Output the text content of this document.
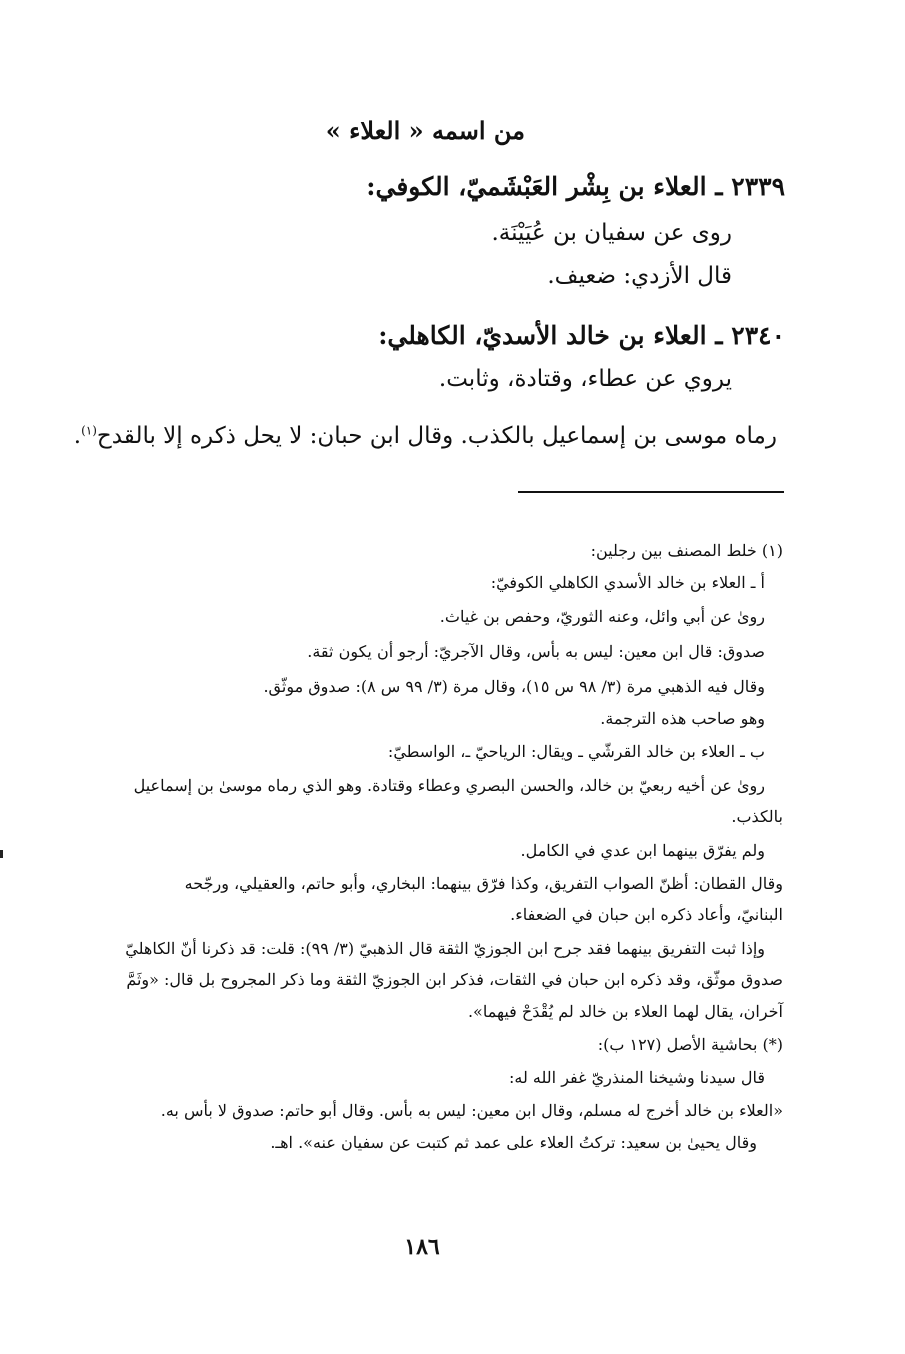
من اسمه « العلاء »
٢٣٣٩ ـ العلاء بن بِشْر العَبْشَميّ، الكوفي:
روى عن سفيان بن عُيَيْنَة.
قال الأزدي: ضعيف.
٢٣٤٠ ـ العلاء بن خالد الأسديّ، الكاهلي:
يروي عن عطاء، وقتادة، وثابت.
رماه موسى بن إسماعيل بالكذب. وقال ابن حبان: لا يحل ذكره إلا بالقدح$^{(١)}$.
(١) خلط المصنف بين رجلين:
أ ـ العلاء بن خالد الأسدي الكاهلي الكوفيّ:
روىٰ عن أبي وائل، وعنه الثوريّ، وحفص بن غياث.
صدوق: قال ابن معين: ليس به بأس، وقال الآجريّ: أرجو أن يكون ثقة.
وقال فيه الذهبي مرة (٣/ ٩٨ س ١٥)، وقال مرة (٣/ ٩٩ س ٨): صدوق موثّق.
وهو صاحب هذه الترجمة.
ب ـ العلاء بن خالد القرشّي ـ ويقال: الرياحيّ ـ، الواسطيّ:
روىٰ عن أخيه ربعيّ بن خالد، والحسن البصري وعطاء وقتادة. وهو الذي رماه موسىٰ بن إسماعيل
بالكذب.
ولم يفرّق بينهما ابن عدي في الكامل.
وقال القطان: أظنّ الصواب التفريق، وكذا فرّق بينهما: البخاري، وأبو حاتم، والعقيلي، ورجّحه
البنانيّ، وأعاد ذكره ابن حبان في الضعفاء.
وإذا ثبت التفريق بينهما فقد جرح ابن الجوزيّ الثقة قال الذهبيّ (٣/ ٩٩): قلت: قد ذكرنا أنّ الكاهليّ
صدوق موثّق، وقد ذكره ابن حبان في الثقات، فذكر ابن الجوزيّ الثقة وما ذكر المجروح بل قال: «وثَمَّ
آخران، يقال لهما العلاء بن خالد لم يُقْدَحْ فيهما».
(*) بحاشية الأصل (١٢٧ ب):
قال سيدنا وشيخنا المنذريّ غفر الله له:
«العلاء بن خالد أخرج له مسلم، وقال ابن معين: ليس به بأس. وقال أبو حاتم: صدوق لا بأس به.
وقال يحيىٰ بن سعيد: تركتُ العلاء على عمد ثم كتبت عن سفيان عنه». اهـ.
١٨٦
